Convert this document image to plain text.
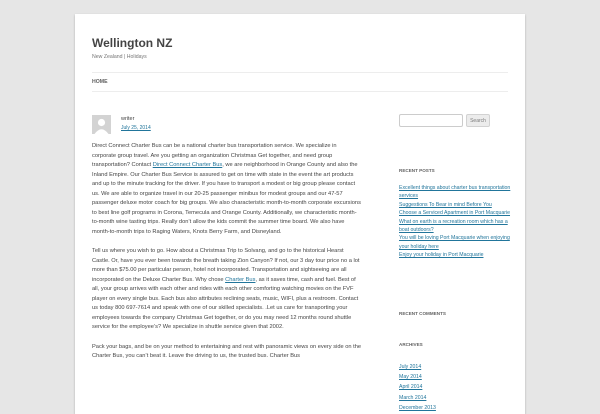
Wellington NZ
New Zealand | Holidays
HOME
writer
July 25, 2014

Direct Connect Charter Bus can be a national charter bus transportation service. We specialize in corporate group travel. Are you getting an organization Christmas Get together, and need group transportation? Contact Direct Connect Charter Bus, we are neighborhood in Orange County and also the Inland Empire. Our Charter Bus Service is assured to get on time with state in the event the art products and up to the minute tracking for the driver. If you have to transport a modest or big group please contact us. We are able to organize travel in our 20-25 passenger minibus for modest groups and our 47-57 passenger deluxe motor coach for big groups. We also characteristic month-to-month corporate excursions to best line golf programs in Corona, Temecula and Orange County. Additionally, we characteristic month-to-month wine tasting trips. Really don’t allow the kids commit the summer time board. We also have month-to-month trips to Raging Waters, Knots Berry Farm, and Disneyland.

Tell us where you wish to go. How about a Christmas Trip to Solvang, and go to the historical Hearst Castle. Or, have you ever been towards the breath taking Zion Canyon? If not, our 3 day tour price no a lot more than $75.00 per particular person, hotel not incorporated. Transportation and sightseeing are all incorporated on the Deluxe Charter Bus. Why chose Charter Bus, as it saves time, cash and fuel. Best of all, your group arrives with each other and rides with each other comforting watching movies on the FVF player on every single bus. Each bus also attributes reclining seats, music, WIFI, plus a restroom. Contact us today 800 697-7614 and speak with one of our skilled specialists. .Let us care for transporting your employees towards the company Christmas Get together, or do you may need 12 months round shuttle service for the employee’s? We specialize in shuttle service given that 2002.

Pack your bags, and be on your method to entertaining and rest with panoramic views on every side on the Charter Bus, you can’t beat it. Leave the driving to us, the trusted bus. Charter Bus

Search
RECENT POSTS
Excellent things about charter bus transportation services
Suggestions To Bear in mind Before You Choose a Serviced Apartment in Port Macquarie
What on earth is a recreation room which has a boat outdoors?
You will be loving Port Macquarie when enjoying your holiday here
Enjoy your holiday in Port Macquarie
RECENT COMMENTS
ARCHIVES
July 2014
May 2014
April 2014
March 2014
December 2013
